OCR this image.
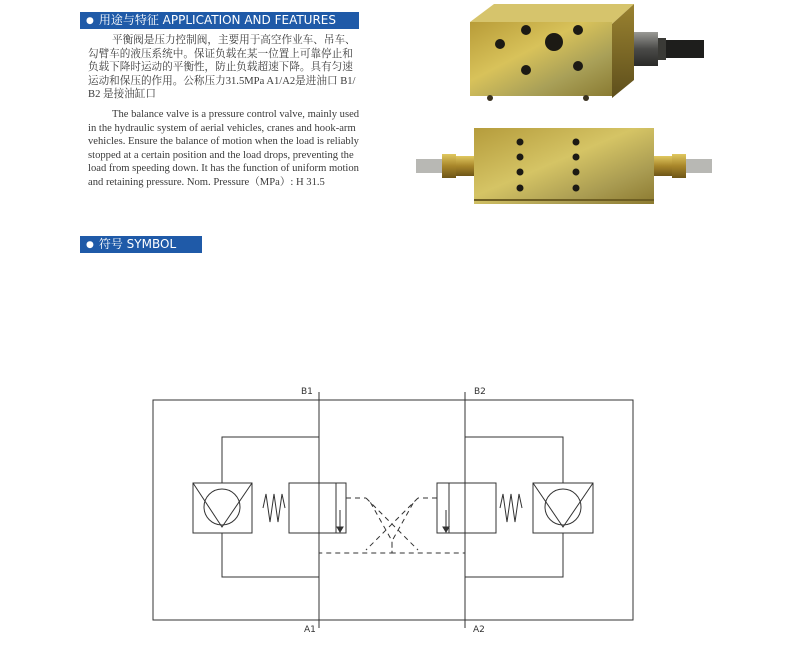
● 用途与特征 APPLICATION AND FEATURES
平衡阀是压力控制阀，主要用于高空作业车、吊车、
勾臂车的液压系统中。保证负载在某一位置上可靠停止和
负载下降时运动的平衡性，防止负载超速下降。具有匀速
运动和保压的作用。公称压力31.5MPa A1/A2是进油口 B1/
B2 是接油缸口
The balance valve is a pressure control valve, mainly used
in the hydraulic system of aerial vehicles, cranes and hook-arm
vehicles. Ensure the balance of motion when the load is reliably
stopped at a certain position and the load drops, preventing the
load from speeding down. It has the function of uniform motion
and retaining pressure. Nom. Pressure（MPa）: H 31.5
● 符号 SYMBOL
B1	B2
A1	A2
